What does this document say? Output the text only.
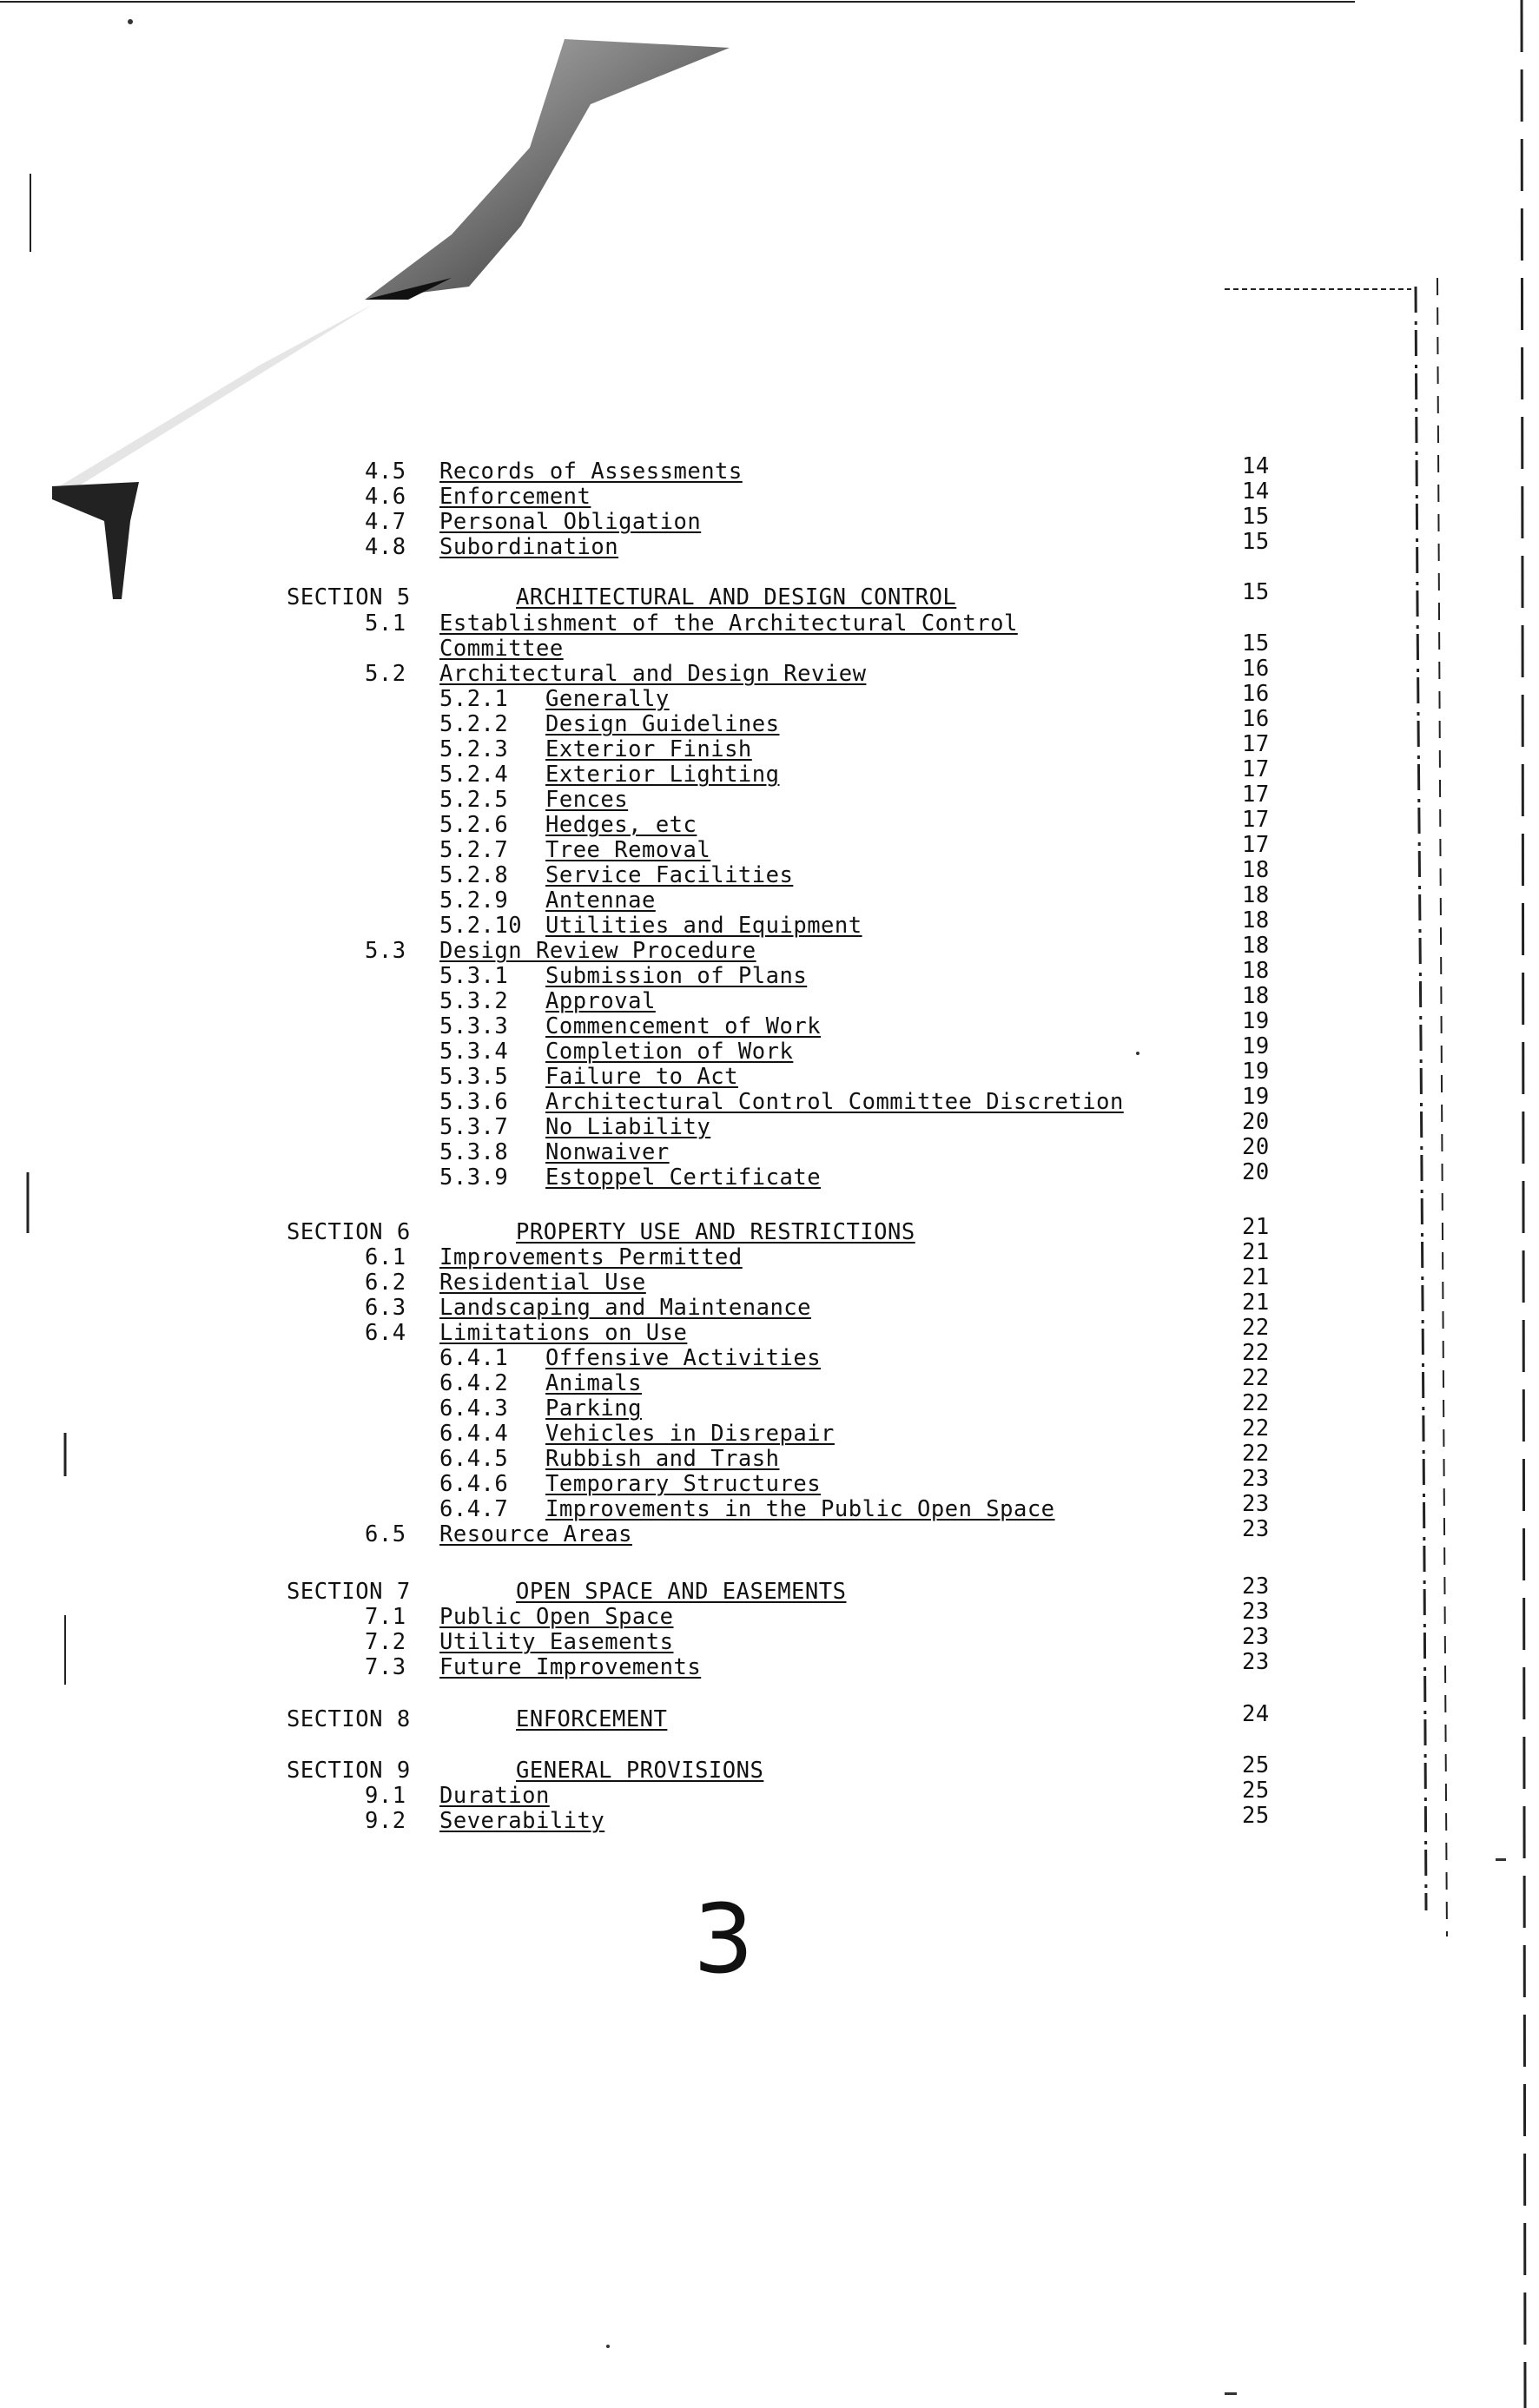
4.5 Records of Assessments	14
4.6 Enforcement	14
4.7 Personal Obligation	15
4.8 Subordination	15
SECTION 5	ARCHITECTURAL AND DESIGN CONTROL	15
5.1 Establishment of the Architectural Control
Committee	15
5.2 Architectural and Design Review	16
5.2.1 Generally	16
5.2.2 Design Guidelines	16
5.2.3 Exterior Finish	17
5.2.4 Exterior Lighting	17
5.2.5 Fences	17
5.2.6 Hedges, etc	17
5.2.7 Tree Removal	17
5.2.8 Service Facilities	18
5.2.9 Antennae	18
5.2.10 Utilities and Equipment	18
5.3 Design Review Procedure	18
5.3.1 Submission of Plans	18
5.3.2 Approval	18
5.3.3 Commencement of Work	19
5.3.4 Completion of Work	19
5.3.5 Failure to Act	19
5.3.6 Architectural Control Committee Discretion	19
5.3.7 No Liability	20
5.3.8 Nonwaiver	20
5.3.9 Estoppel Certificate	20
SECTION 6	PROPERTY USE AND RESTRICTIONS	21
6.1 Improvements Permitted	21
6.2 Residential Use	21
6.3 Landscaping and Maintenance	21
6.4 Limitations on Use	22
6.4.1 Offensive Activities	22
6.4.2 Animals	22
6.4.3 Parking	22
6.4.4 Vehicles in Disrepair	22
6.4.5 Rubbish and Trash	22
6.4.6 Temporary Structures	23
6.4.7 Improvements in the Public Open Space	23
6.5 Resource Areas	23
SECTION 7	OPEN SPACE AND EASEMENTS	23
7.1 Public Open Space	23
7.2 Utility Easements	23
7.3 Future Improvements	23
SECTION 8	ENFORCEMENT	24
SECTION 9	GENERAL PROVISIONS	25
9.1 Duration	25
9.2 Severability	25
3
